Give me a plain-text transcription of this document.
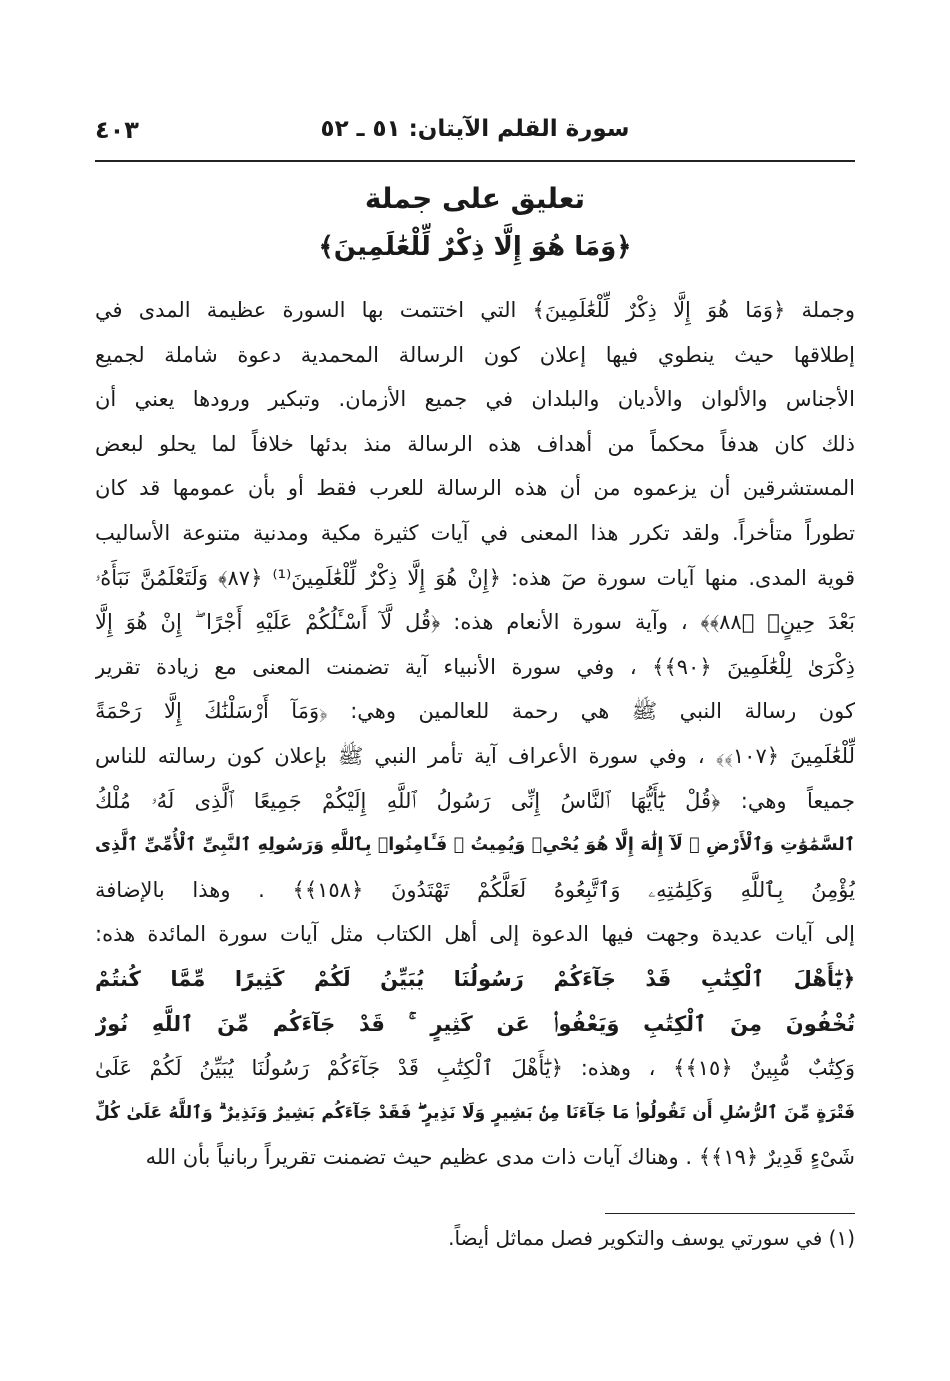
سورة القلم الآيتان: ٥١ ـ ٥٢
٤٠٣
تعليق على جملة
﴿وَمَا هُوَ إِلَّا ذِكْرٌ لِّلْعَٰلَمِينَ﴾
وجملة ﴿وَمَا هُوَ إِلَّا ذِكْرٌ لِّلْعَٰلَمِينَ﴾ التي اختتمت بها السورة عظيمة المدى في
إطلاقها حيث ينطوي فيها إعلان كون الرسالة المحمدية دعوة شاملة لجميع
الأجناس والألوان والأديان والبلدان في جميع الأزمان. وتبكير ورودها يعني أن
ذلك كان هدفاً محكماً من أهداف هذه الرسالة منذ بدئها خلافاً لما يحلو لبعض
المستشرقين أن يزعموه من أن هذه الرسالة للعرب فقط أو بأن عمومها قد كان
تطوراً متأخراً. ولقد تكرر هذا المعنى في آيات كثيرة مكية ومدنية متنوعة الأساليب
قوية المدى. منها آيات سورة صٓ هذه: ﴿إِنْ هُوَ إِلَّا ذِكْرٌ لِّلْعَٰلَمِينَ⁽¹⁾ ﴿٨٧﴾ وَلَتَعْلَمُنَّ نَبَأَهُۥ
بَعْدَ حِينٍۭ ﴿٨٨﴾﴾ ، وآية سورة الأنعام هذه: ﴿قُل لَّآ أَسْـَٔلُكُمْ عَلَيْهِ أَجْرًا ۖ إِنْ هُوَ إِلَّا
ذِكْرَىٰ لِلْعَٰلَمِينَ ﴿٩٠﴾﴾ ، وفي سورة الأنبياء آية تضمنت المعنى مع زيادة تقرير
كون رسالة النبي ﷺ هي رحمة للعالمين وهي: ﴿وَمَآ أَرْسَلْنَٰكَ إِلَّا رَحْمَةً
لِّلْعَٰلَمِينَ ﴿١٠٧﴾﴾ ، وفي سورة الأعراف آية تأمر النبي ﷺ بإعلان كون رسالته للناس
جميعاً وهي: ﴿قُلْ يَٰٓأَيُّهَا ٱلنَّاسُ إِنِّى رَسُولُ ٱللَّهِ إِلَيْكُمْ جَمِيعًا ٱلَّذِى لَهُۥ مُلْكُ
ٱلسَّمَٰوَٰتِ وَٱلْأَرْضِ ۖ لَآ إِلَٰهَ إِلَّا هُوَ يُحْىِۦ وَيُمِيتُ ۖ فَـَٔامِنُوا۟ بِٱللَّهِ وَرَسُولِهِ ٱلنَّبِىِّ ٱلْأُمِّىِّ ٱلَّذِى
يُؤْمِنُ بِٱللَّهِ وَكَلِمَٰتِهِۦ وَٱتَّبِعُوهُ لَعَلَّكُمْ تَهْتَدُونَ ﴿١٥٨﴾﴾ . وهذا بالإضافة
إلى آيات عديدة وجهت فيها الدعوة إلى أهل الكتاب مثل آيات سورة المائدة هذه:
﴿يَٰٓأَهْلَ ٱلْكِتَٰبِ قَدْ جَآءَكُمْ رَسُولُنَا يُبَيِّنُ لَكُمْ كَثِيرًا مِّمَّا كُنتُمْ
تُخْفُونَ مِنَ ٱلْكِتَٰبِ وَيَعْفُوا۟ عَن كَثِيرٍ ۚ قَدْ جَآءَكُم مِّنَ ٱللَّهِ نُورٌ
وَكِتَٰبٌ مُّبِينٌ ﴿١٥﴾﴾ ، وهذه: ﴿يَٰٓأَهْلَ ٱلْكِتَٰبِ قَدْ جَآءَكُمْ رَسُولُنَا يُبَيِّنُ لَكُمْ عَلَىٰ
فَتْرَةٍ مِّنَ ٱلرُّسُلِ أَن تَقُولُوا۟ مَا جَآءَنَا مِنۢ بَشِيرٍ وَلَا نَذِيرٍ ۖ فَقَدْ جَآءَكُم بَشِيرٌ وَنَذِيرٌ ۗ وَٱللَّهُ عَلَىٰ كُلِّ
شَىْءٍ قَدِيرٌ ﴿١٩﴾﴾ . وهناك آيات ذات مدى عظيم حيث تضمنت تقريراً ربانياً بأن الله
(١) في سورتي يوسف والتكوير فصل مماثل أيضاً.
